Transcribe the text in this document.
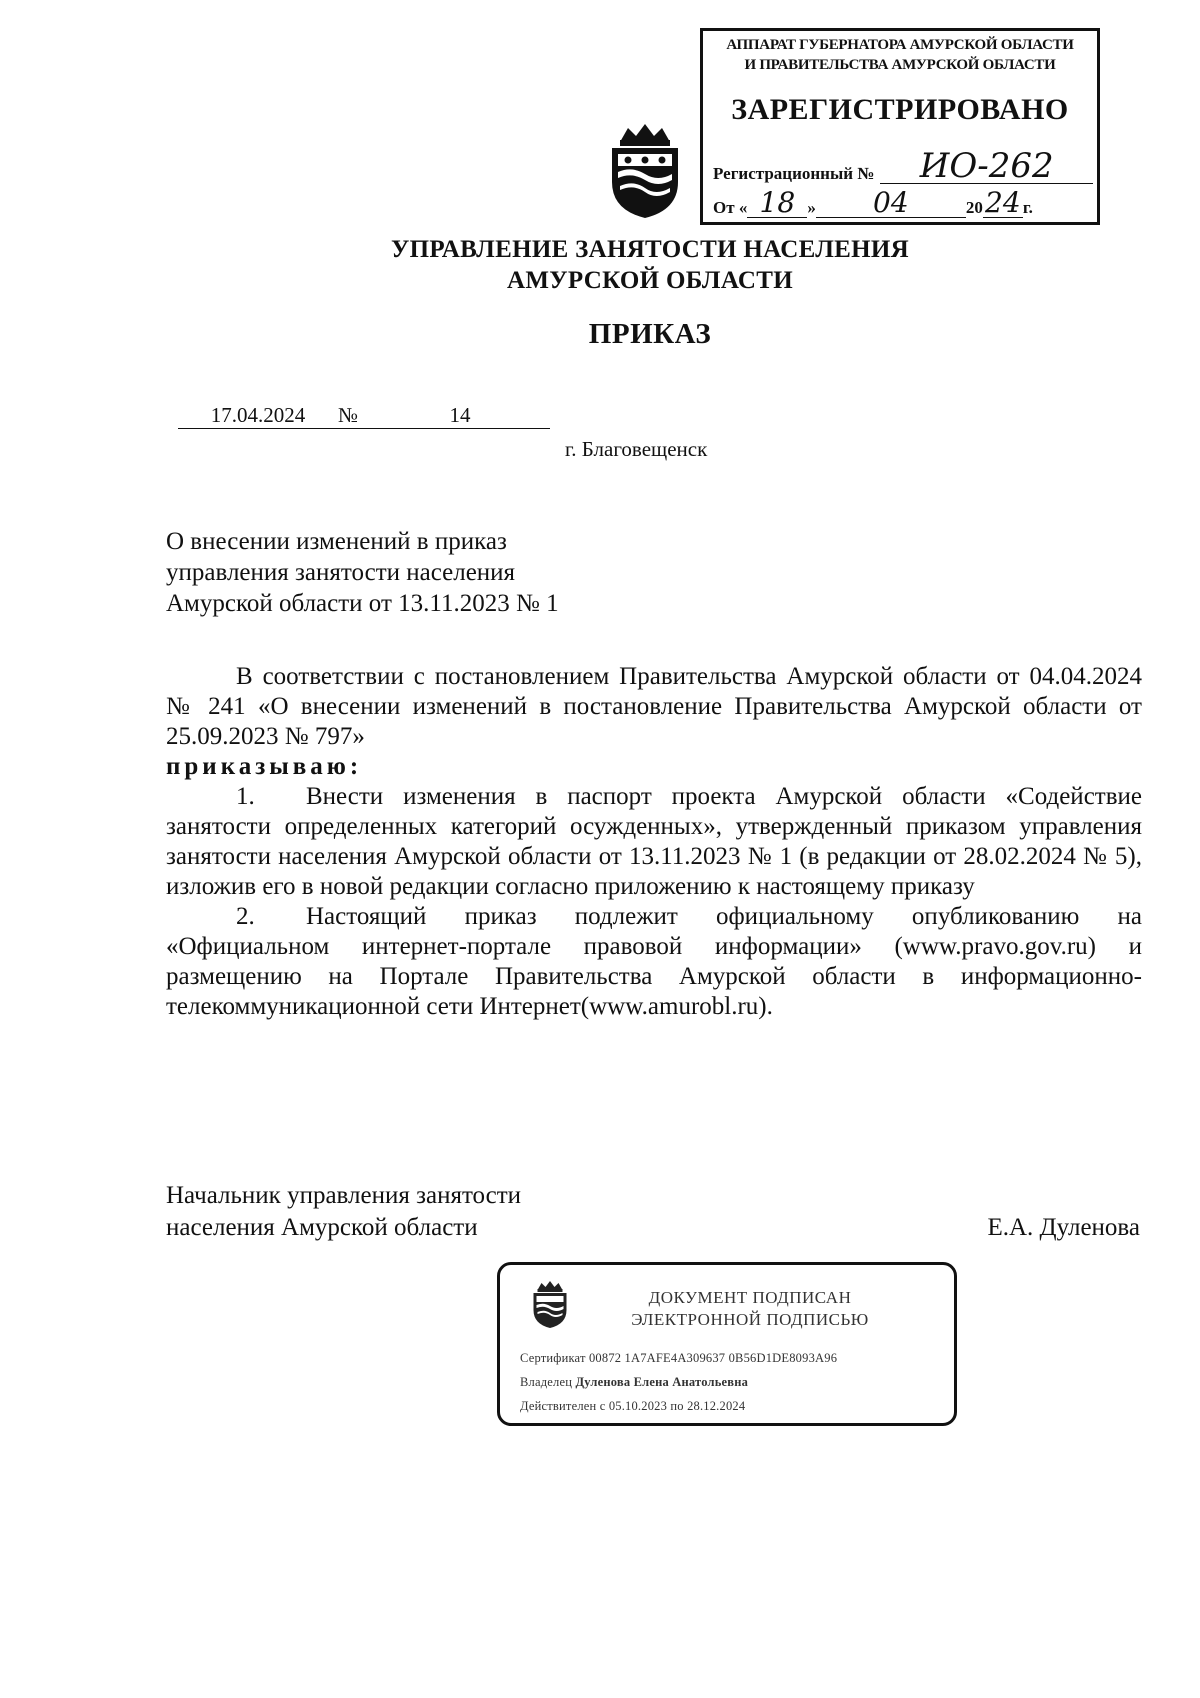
АППАРАТ ГУБЕРНАТОРА АМУРСКОЙ ОБЛАСТИ
И ПРАВИТЕЛЬСТВА АМУРСКОЙ ОБЛАСТИ
ЗАРЕГИСТРИРОВАНО
Регистрационный №	ИО-262
От « 18 »	04	20 24 г.
УПРАВЛЕНИЕ ЗАНЯТОСТИ НАСЕЛЕНИЯ
АМУРСКОЙ ОБЛАСТИ
ПРИКАЗ
17.04.2024	№	14
г. Благовещенск
О внесении изменений в приказ
управления занятости населения
Амурской области от 13.11.2023 № 1

В соответствии с постановлением Правительства Амурской области от 04.04.2024 № 241 «О внесении изменений в постановление Правительства Амурской области от 25.09.2023 № 797»

приказываю:

1. Внести изменения в паспорт проекта Амурской области «Содействие занятости определенных категорий осужденных», утвержденный приказом управления занятости населения Амурской области от 13.11.2023 № 1 (в редакции от 28.02.2024 № 5), изложив его в новой редакции согласно приложению к настоящему приказу

2. Настоящий приказ подлежит официальному опубликованию на «Официальном интернет-портале правовой информации» (www.pravo.gov.ru) и размещению на Портале Правительства Амурской области в информационно-телекоммуникационной сети Интернет(www.amurobl.ru).

Начальник управления занятости
населения Амурской области	Е.А. Дуленова
ДОКУМЕНТ ПОДПИСАН
ЭЛЕКТРОННОЙ ПОДПИСЬЮ
Сертификат 00872 1A7AFE4A309637 0B56D1DE8093A96
Владелец Дуленова Елена Анатольевна
Действителен с 05.10.2023 по 28.12.2024
